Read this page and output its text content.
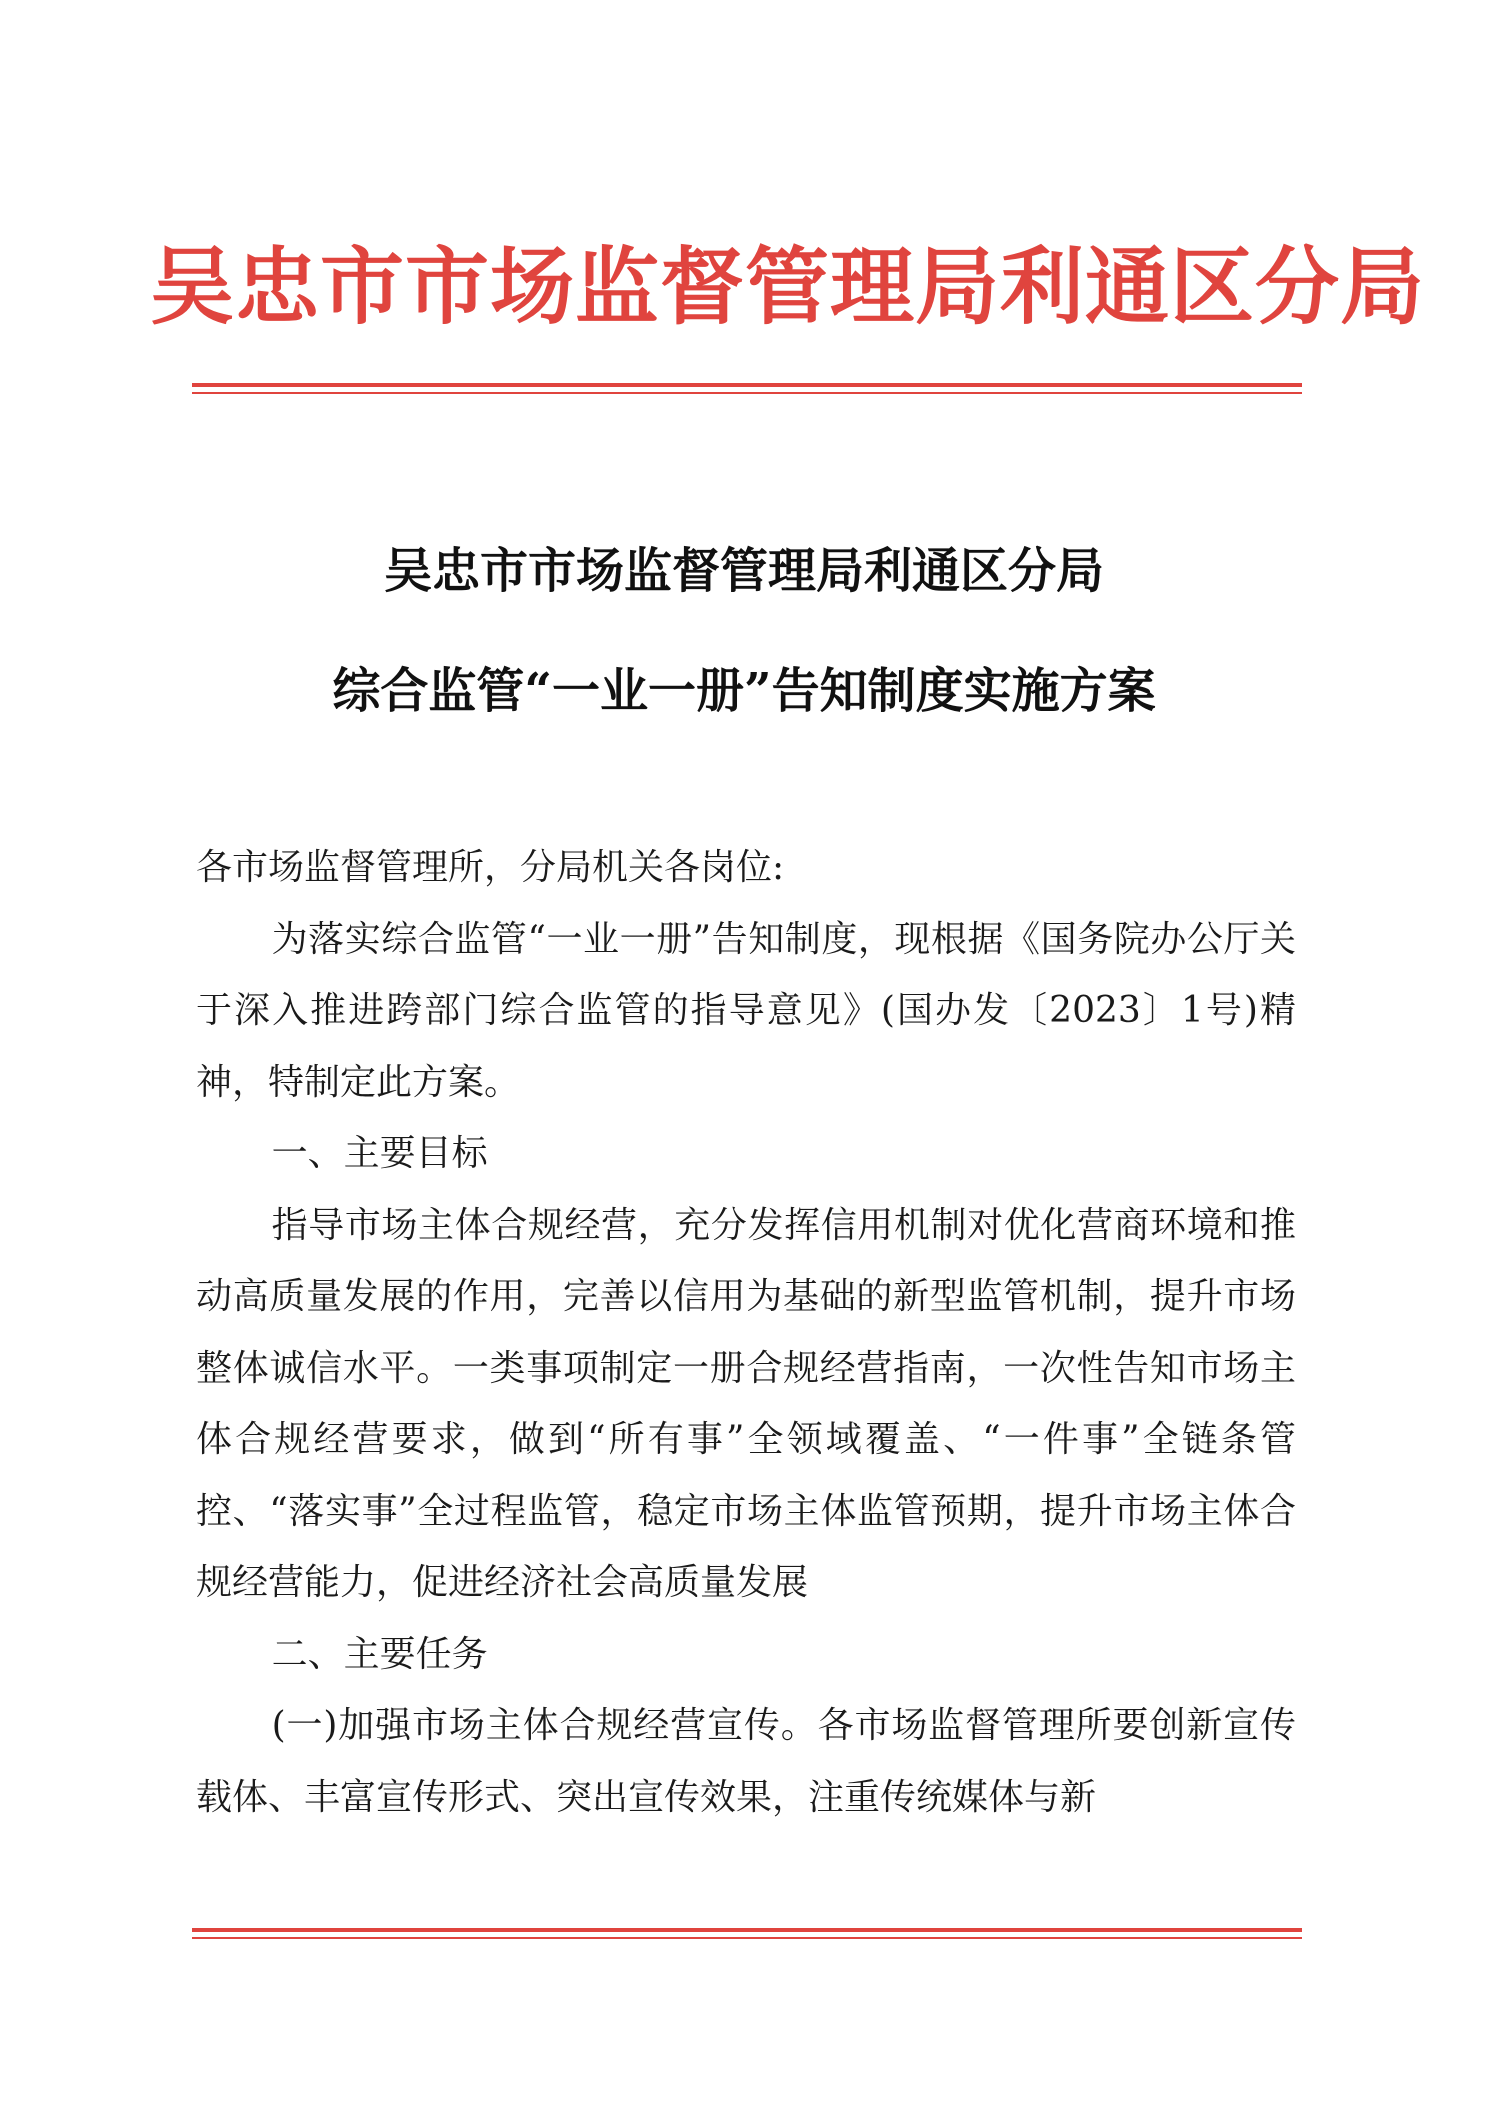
吴忠市市场监督管理局利通区分局
吴忠市市场监督管理局利通区分局
综合监管“一业一册”告知制度实施方案

各市场监督管理所，分局机关各岗位:

为落实综合监管“一业一册”告知制度，现根据《国务院办公厅关于深入推进跨部门综合监管的指导意见》(国办发〔2023〕1号)精神，特制定此方案。

一、主要目标

指导市场主体合规经营，充分发挥信用机制对优化营商环境和推动高质量发展的作用，完善以信用为基础的新型监管机制，提升市场整体诚信水平。一类事项制定一册合规经营指南，一次性告知市场主体合规经营要求，做到“所有事”全领域覆盖、“一件事”全链条管控、“落实事”全过程监管，稳定市场主体监管预期，提升市场主体合规经营能力，促进经济社会高质量发展

二、主要任务

(一)加强市场主体合规经营宣传。各市场监督管理所要创新宣传载体、丰富宣传形式、突出宣传效果，注重传统媒体与新
